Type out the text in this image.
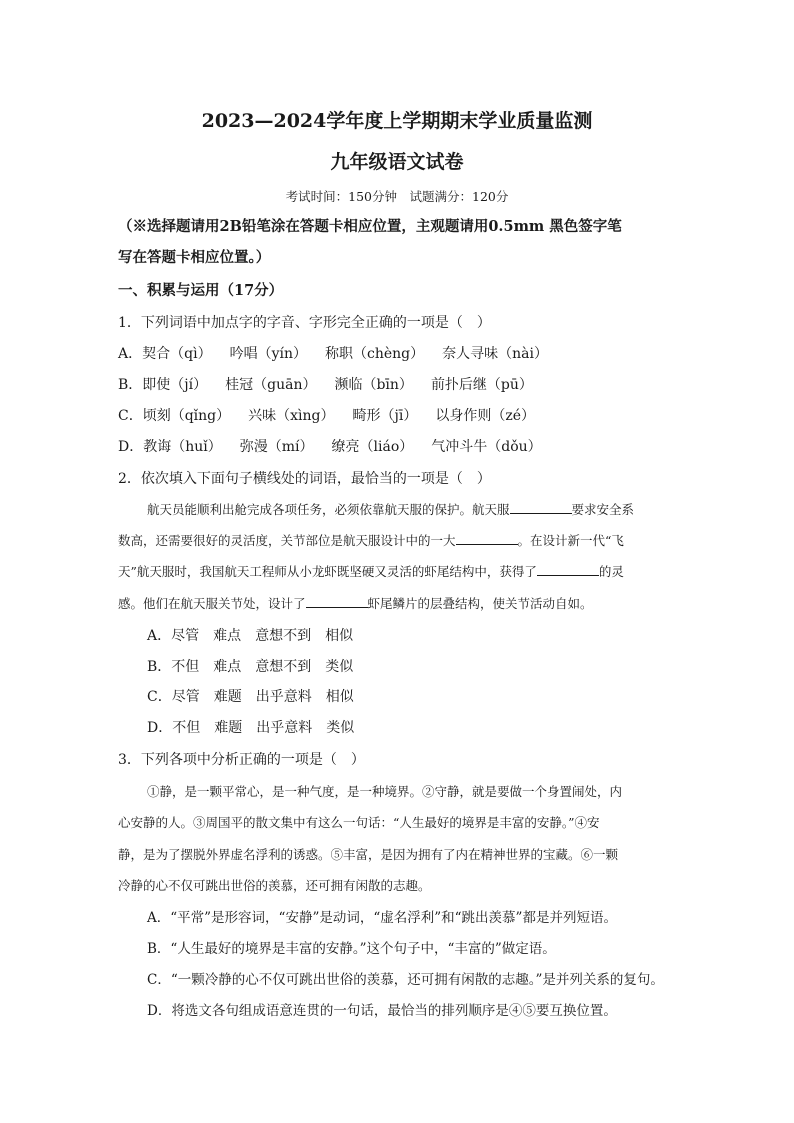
2023—2024学年度上学期期末学业质量监测
九年级语文试卷
考试时间：150分钟　试题满分：120分
（※选择题请用2B铅笔涂在答题卡相应位置，主观题请用0.5mm 黑色签字笔
写在答题卡相应位置。）
一、积累与运用（17分）
1．下列词语中加点字的字音、字形完全正确的一项是（　）
A．契合（qì） 吟唱（yín） 称职（chèng） 奈人寻味（nài）
B．即使（jí） 桂冠（guān） 濒临（bīn） 前扑后继（pū）
C．顷刻（qǐng） 兴味（xìng） 畸形（jī） 以身作则（zé）
D．教诲（huǐ） 弥漫（mí） 缭亮（liáo） 气冲斗牛（dǒu）
2．依次填入下面句子横线处的词语，最恰当的一项是（　）
航天员能顺利出舱完成各项任务，必须依靠航天服的保护。航天服	要求安全系
数高，还需要很好的灵活度，关节部位是航天服设计中的一大	。在设计新一代“飞
天”航天服时，我国航天工程师从小龙虾既坚硬又灵活的虾尾结构中，获得了	的灵
感。他们在航天服关节处，设计了	虾尾鳞片的层叠结构，使关节活动自如。
A．尽管 难点 意想不到 相似
B．不但 难点 意想不到 类似
C．尽管 难题 出乎意料 相似
D．不但 难题 出乎意料 类似
3．下列各项中分析正确的一项是（　）
①静，是一颗平常心，是一种气度，是一种境界。②守静，就是要做一个身置闹处，内
心安静的人。③周国平的散文集中有这么一句话：“人生最好的境界是丰富的安静。”④安
静，是为了摆脱外界虚名浮利的诱惑。⑤丰富，是因为拥有了内在精神世界的宝藏。⑥一颗
冷静的心不仅可跳出世俗的羡慕，还可拥有闲散的志趣。
A．“平常”是形容词，“安静”是动词，“虚名浮利”和“跳出羡慕”都是并列短语。
B．“人生最好的境界是丰富的安静。”这个句子中，“丰富的”做定语。
C．“一颗冷静的心不仅可跳出世俗的羡慕，还可拥有闲散的志趣。”是并列关系的复句。
D．将选文各句组成语意连贯的一句话，最恰当的排列顺序是④⑤要互换位置。
